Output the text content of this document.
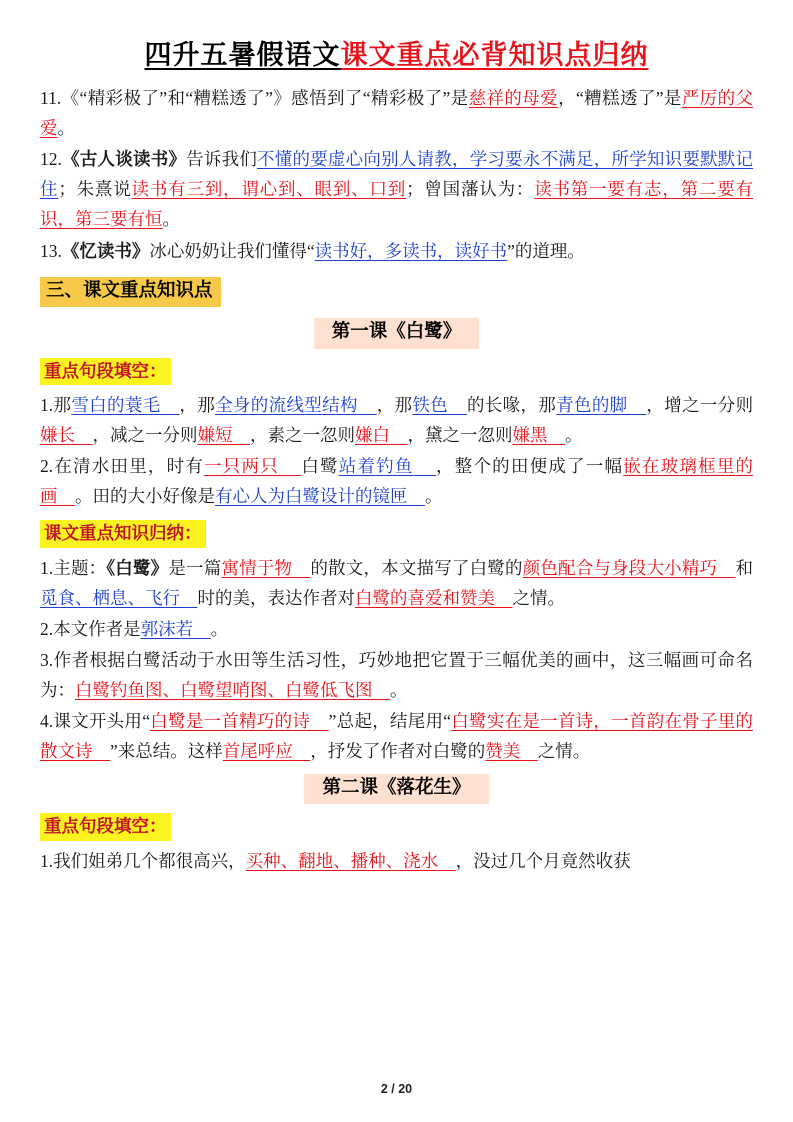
四升五暑假语文课文重点必背知识点归纳

11.《“精彩极了”和“糟糕透了”》感悟到了“精彩极了”是慈祥的母爱，“糟糕透了”是严厉的父爱。

12.《古人谈读书》告诉我们不懂的要虚心向别人请教，学习要永不满足，所学知识要默默记住；朱熹说读书有三到，谓心到、眼到、口到；曾国藩认为：读书第一要有志，第二要有识，第三要有恒。

13.《忆读书》冰心奶奶让我们懂得“读书好，多读书，读好书”的道理。

三、课文重点知识点
第一课《白鹭》
重点句段填空：

1.那雪白的蓑毛 ，那全身的流线型结构 ，那铁色 的长喙，那青色的脚 ，增之一分则嫌长 ，减之一分则嫌短 ，素之一忽则嫌白 ，黛之一忽则嫌黑 。

2.在清水田里，时有一只两只 白鹭站着钓鱼 ，整个的田便成了一幅嵌在玻璃框里的画 。田的大小好像是有心人为白鹭设计的镜匣 。

课文重点知识归纳：

1.主题：《白鹭》是一篇寓情于物 的散文，本文描写了白鹭的颜色配合与身段大小精巧 和觅食、栖息、飞行 时的美，表达作者对白鹭的喜爱和赞美 之情。

2.本文作者是郭沫若 。

3.作者根据白鹭活动于水田等生活习性，巧妙地把它置于三幅优美的画中，这三幅画可命名为：白鹭钓鱼图、白鹭望哨图、白鹭低飞图 。

4.课文开头用“白鹭是一首精巧的诗 ”总起，结尾用“白鹭实在是一首诗，一首韵在骨子里的散文诗 ”来总结。这样首尾呼应 ，抒发了作者对白鹭的赞美 之情。

第二课《落花生》
重点句段填空：

1.我们姐弟几个都很高兴，买种、翻地、播种、浇水 ，没过几个月竟然收获

2 / 20
